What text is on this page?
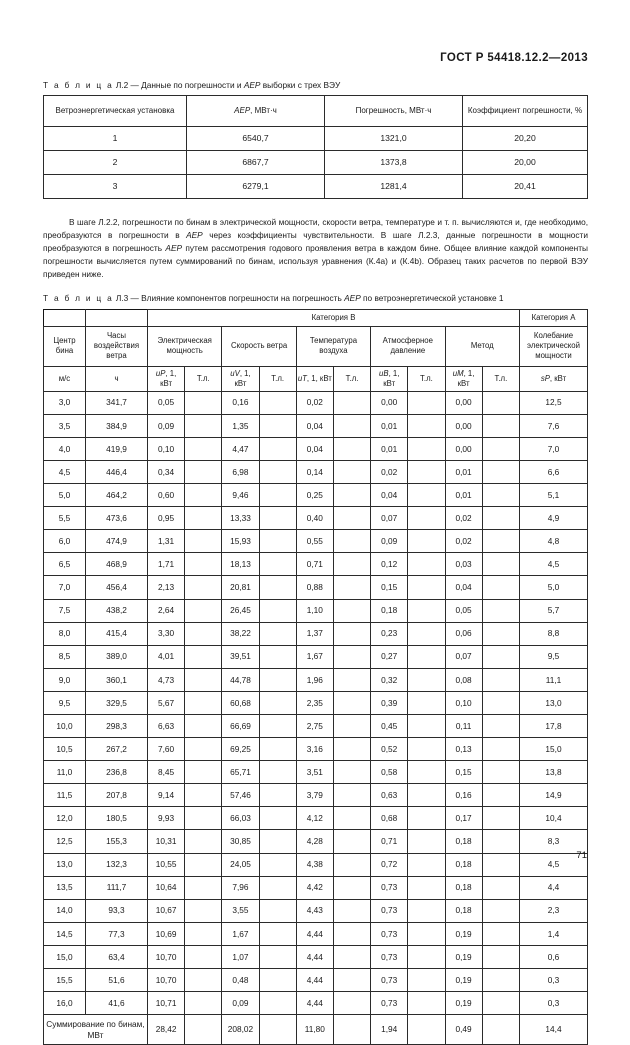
ГОСТ Р 54418.12.2—2013

Т а б л и ц а Л.2 — Данные по погрешности и AEP выборки с трех ВЭУ

Ветроэнергетическая установка	AEP, МВт·ч	Погрешность, МВт·ч	Коэффициент погрешности, %
1	6540,7	1321,0	20,20
2	6867,7	1373,8	20,00
3	6279,1	1281,4	20,41

В шаге Л.2.2, погрешности по бинам в электрической мощности, скорости ветра, температуре и т. п. вычисляются и, где необходимо, преобразуются в погрешности в AEP через коэффициенты чувствительности. В шаге Л.2.3, данные погрешности в мощности преобразуются в погрешность AEP путем рассмотрения годового проявления ветра в каждом бине. Общее влияние каждой компоненты погрешности вычисляется путем суммирований по бинам, используя уравнения (К.4a) и (К.4b). Образец таких расчетов по первой ВЭУ приведен ниже.

Т а б л и ц а Л.3 — Влияние компонентов погрешности на погрешность AEP по ветроэнергетической установке 1

		Категория B										Категория A
Центр бина	Часы воздействия ветра	Электрическая мощность		Скорость ветра		Температура воздуха		Атмосферное давление		Метод		Колебание электрической мощности
м/с	ч	uP, 1, кВт	Т.л.	uV, 1, кВт	Т.л.	uТ, 1, кВт	Т.л.	uВ, 1, кВт	Т.л.	uМ, 1, кВт	Т.л.	sP, кВт
3,0	341,7	0,05		0,16		0,02		0,00		0,00		12,5
3,5	384,9	0,09		1,35		0,04		0,01		0,00		7,6
4,0	419,9	0,10		4,47		0,04		0,01		0,00		7,0
4,5	446,4	0,34		6,98		0,14		0,02		0,01		6,6
5,0	464,2	0,60		9,46		0,25		0,04		0,01		5,1
5,5	473,6	0,95		13,33		0,40		0,07		0,02		4,9
6,0	474,9	1,31		15,93		0,55		0,09		0,02		4,8
6,5	468,9	1,71		18,13		0,71		0,12		0,03		4,5
7,0	456,4	2,13		20,81		0,88		0,15		0,04		5,0
7,5	438,2	2,64		26,45		1,10		0,18		0,05		5,7
8,0	415,4	3,30		38,22		1,37		0,23		0,06		8,8
8,5	389,0	4,01		39,51		1,67		0,27		0,07		9,5
9,0	360,1	4,73		44,78		1,96		0,32		0,08		11,1
9,5	329,5	5,67		60,68		2,35		0,39		0,10		13,0
10,0	298,3	6,63		66,69		2,75		0,45		0,11		17,8
10,5	267,2	7,60		69,25		3,16		0,52		0,13		15,0
11,0	236,8	8,45		65,71		3,51		0,58		0,15		13,8
11,5	207,8	9,14		57,46		3,79		0,63		0,16		14,9
12,0	180,5	9,93		66,03		4,12		0,68		0,17		10,4
12,5	155,3	10,31		30,85		4,28		0,71		0,18		8,3
13,0	132,3	10,55		24,05		4,38		0,72		0,18		4,5
13,5	111,7	10,64		7,96		4,42		0,73		0,18		4,4
14,0	93,3	10,67		3,55		4,43		0,73		0,18		2,3
14,5	77,3	10,69		1,67		4,44		0,73		0,19		1,4
15,0	63,4	10,70		1,07		4,44		0,73		0,19		0,6
15,5	51,6	10,70		0,48		4,44		0,73		0,19		0,3
16,0	41,6	10,71		0,09		4,44		0,73		0,19		0,3
Суммирование по бинам, МВт		28,42		208,02		11,80		1,94		0,49		14,4
71
